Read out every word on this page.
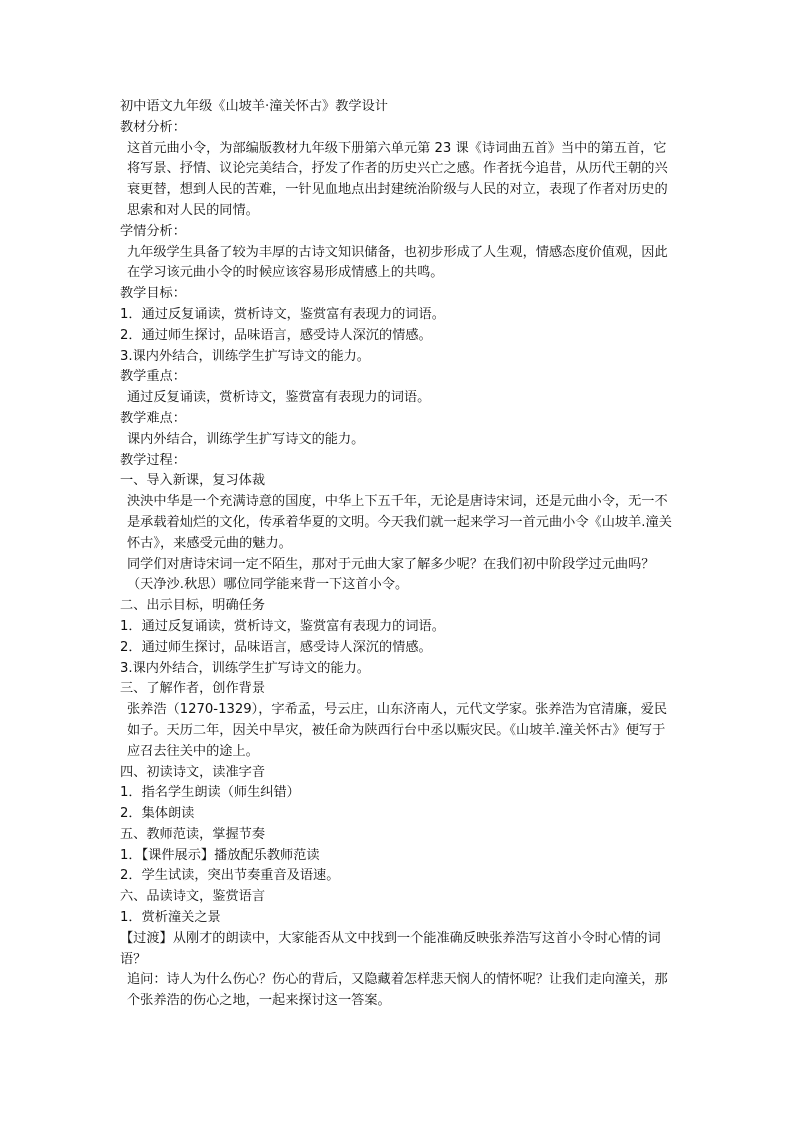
初中语文九年级《山坡羊·潼关怀古》教学设计
教材分析：

这首元曲小令，为部编版教材九年级下册第六单元第 23 课《诗词曲五首》当中的第五首，它将写景、抒情、议论完美结合，抒发了作者的历史兴亡之感。作者抚今追昔，从历代王朝的兴衰更替，想到人民的苦难，一针见血地点出封建统治阶级与人民的对立，表现了作者对历史的思索和对人民的同情。

学情分析：

九年级学生具备了较为丰厚的古诗文知识储备，也初步形成了人生观，情感态度价值观，因此在学习该元曲小令的时候应该容易形成情感上的共鸣。

教学目标：
1．通过反复诵读，赏析诗文，鉴赏富有表现力的词语。
2．通过师生探讨，品味语言，感受诗人深沉的情感。
3.课内外结合，训练学生扩写诗文的能力。
教学重点：

通过反复诵读，赏析诗文，鉴赏富有表现力的词语。

教学难点：

课内外结合，训练学生扩写诗文的能力。

教学过程：
一、导入新课，复习体裁

泱泱中华是一个充满诗意的国度，中华上下五千年，无论是唐诗宋词，还是元曲小令，无一不是承载着灿烂的文化，传承着华夏的文明。今天我们就一起来学习一首元曲小令《山坡羊.潼关怀古》，来感受元曲的魅力。

同学们对唐诗宋词一定不陌生，那对于元曲大家了解多少呢？在我们初中阶段学过元曲吗？（天净沙.秋思）哪位同学能来背一下这首小令。

二、出示目标，明确任务
1．通过反复诵读，赏析诗文，鉴赏富有表现力的词语。
2．通过师生探讨，品味语言，感受诗人深沉的情感。
3.课内外结合，训练学生扩写诗文的能力。
三、了解作者，创作背景

张养浩（1270-1329），字希孟，号云庄，山东济南人，元代文学家。张养浩为官清廉，爱民如子。天历二年，因关中旱灾，被任命为陕西行台中丞以赈灾民。《山坡羊.潼关怀古》便写于应召去往关中的途上。

四、初读诗文，读准字音
1．指名学生朗读（师生纠错）
2．集体朗读
五、教师范读，掌握节奏
1．【课件展示】播放配乐教师范读
2．学生试读，突出节奏重音及语速。
六、品读诗文，鉴赏语言
1．赏析潼关之景

【过渡】从刚才的朗读中，大家能否从文中找到一个能准确反映张养浩写这首小令时心情的词语？

追问：诗人为什么伤心？伤心的背后，又隐藏着怎样悲天悯人的情怀呢？让我们走向潼关，那个张养浩的伤心之地，一起来探讨这一答案。
